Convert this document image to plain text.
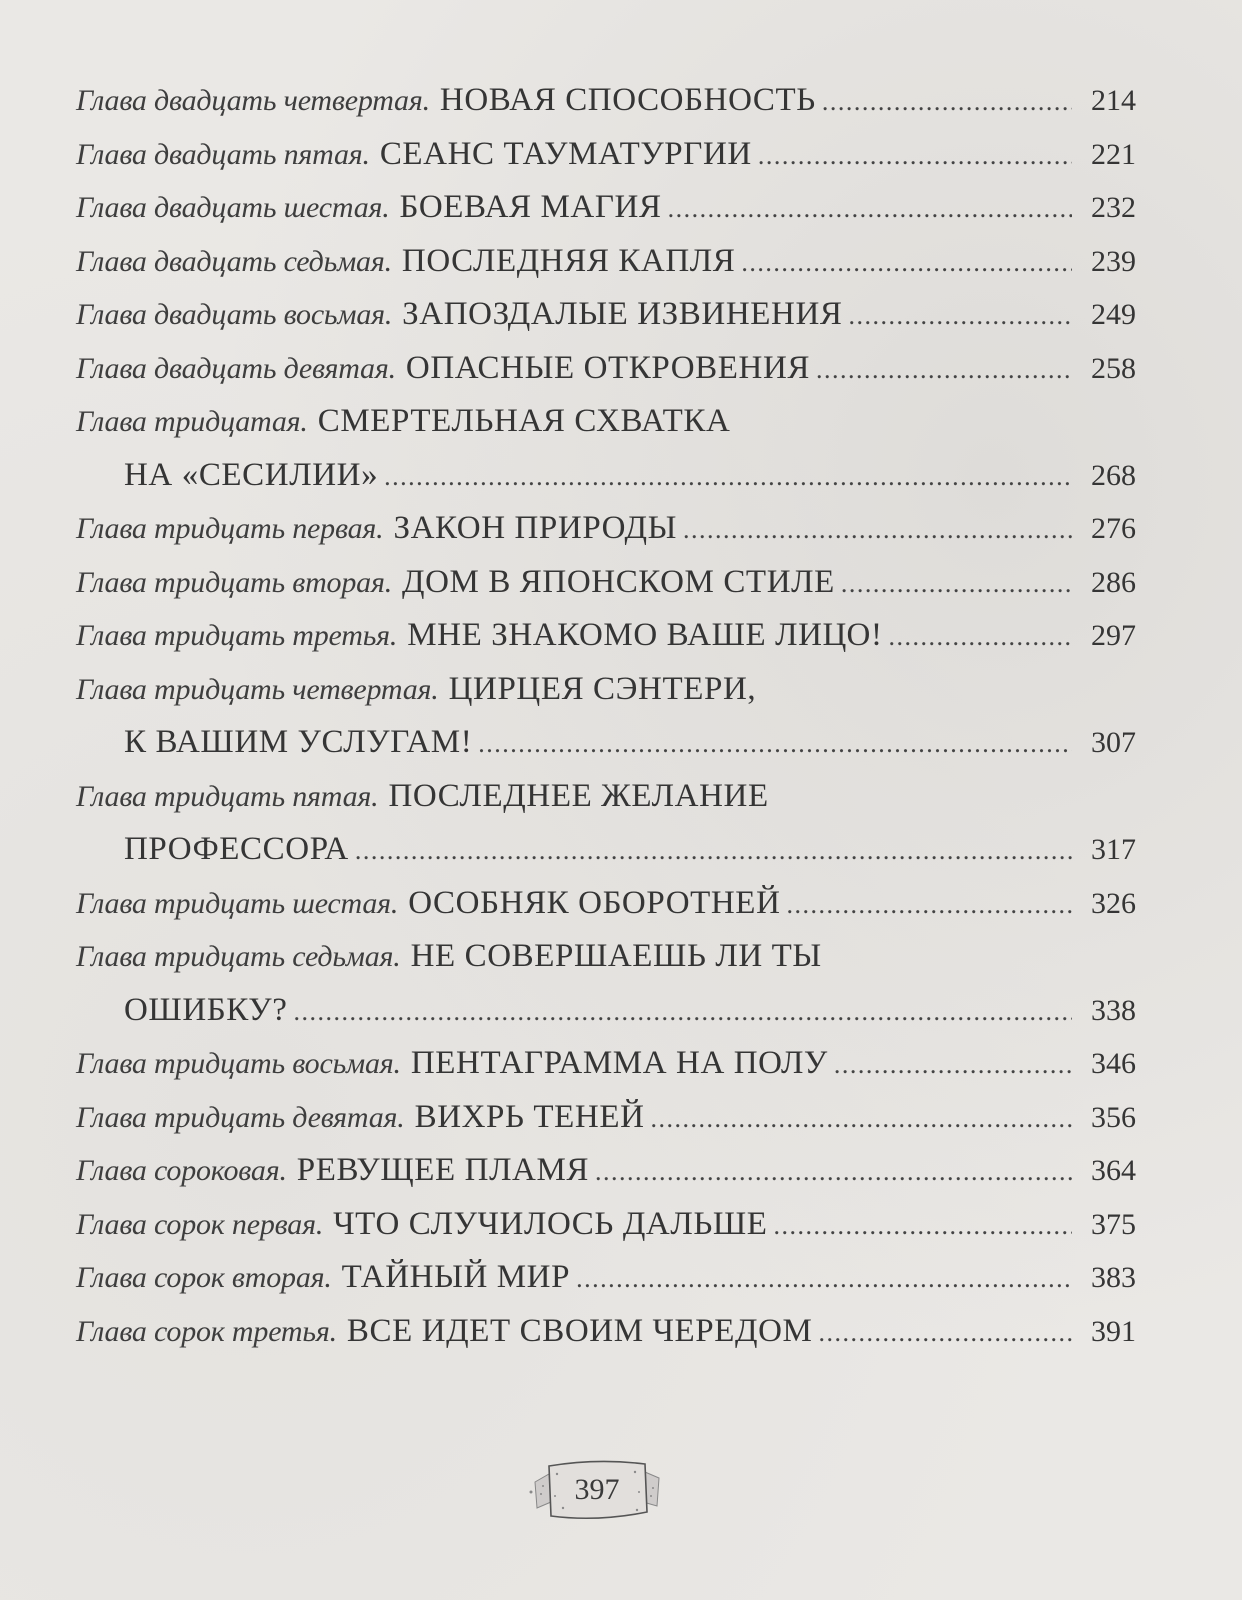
Глава двадцать четвертая. НОВАЯ СПОСОБНОСТЬ .....	214
Глава двадцать пятая. СЕАНС ТАУМАТУРГИИ .....	221
Глава двадцать шестая. БОЕВАЯ МАГИЯ .....	232
Глава двадцать седьмая. ПОСЛЕДНЯЯ КАПЛЯ .....	239
Глава двадцать восьмая. ЗАПОЗДАЛЫЕ ИЗВИНЕНИЯ .....	249
Глава двадцать девятая. ОПАСНЫЕ ОТКРОВЕНИЯ .....	258
Глава тридцатая. СМЕРТЕЛЬНАЯ СХВАТКА
НА «СЕСИЛИИ» .....	268
Глава тридцать первая. ЗАКОН ПРИРОДЫ .....	276
Глава тридцать вторая. ДОМ В ЯПОНСКОМ СТИЛЕ .....	286
Глава тридцать третья. МНЕ ЗНАКОМО ВАШЕ ЛИЦО! .....	297
Глава тридцать четвертая. ЦИРЦЕЯ СЭНТЕРИ,
К ВАШИМ УСЛУГАМ! .....	307
Глава тридцать пятая. ПОСЛЕДНЕЕ ЖЕЛАНИЕ
ПРОФЕССОРА .....	317
Глава тридцать шестая. ОСОБНЯК ОБОРОТНЕЙ .....	326
Глава тридцать седьмая. НЕ СОВЕРШАЕШЬ ЛИ ТЫ
ОШИБКУ? .....	338
Глава тридцать восьмая. ПЕНТАГРАММА НА ПОЛУ .....	346
Глава тридцать девятая. ВИХРЬ ТЕНЕЙ .....	356
Глава сороковая. РЕВУЩЕЕ ПЛАМЯ .....	364
Глава сорок первая. ЧТО СЛУЧИЛОСЬ ДАЛЬШЕ .....	375
Глава сорок вторая. ТАЙНЫЙ МИР .....	383
Глава сорок третья. ВСЕ ИДЕТ СВОИМ ЧЕРЕДОМ .....	391
397
